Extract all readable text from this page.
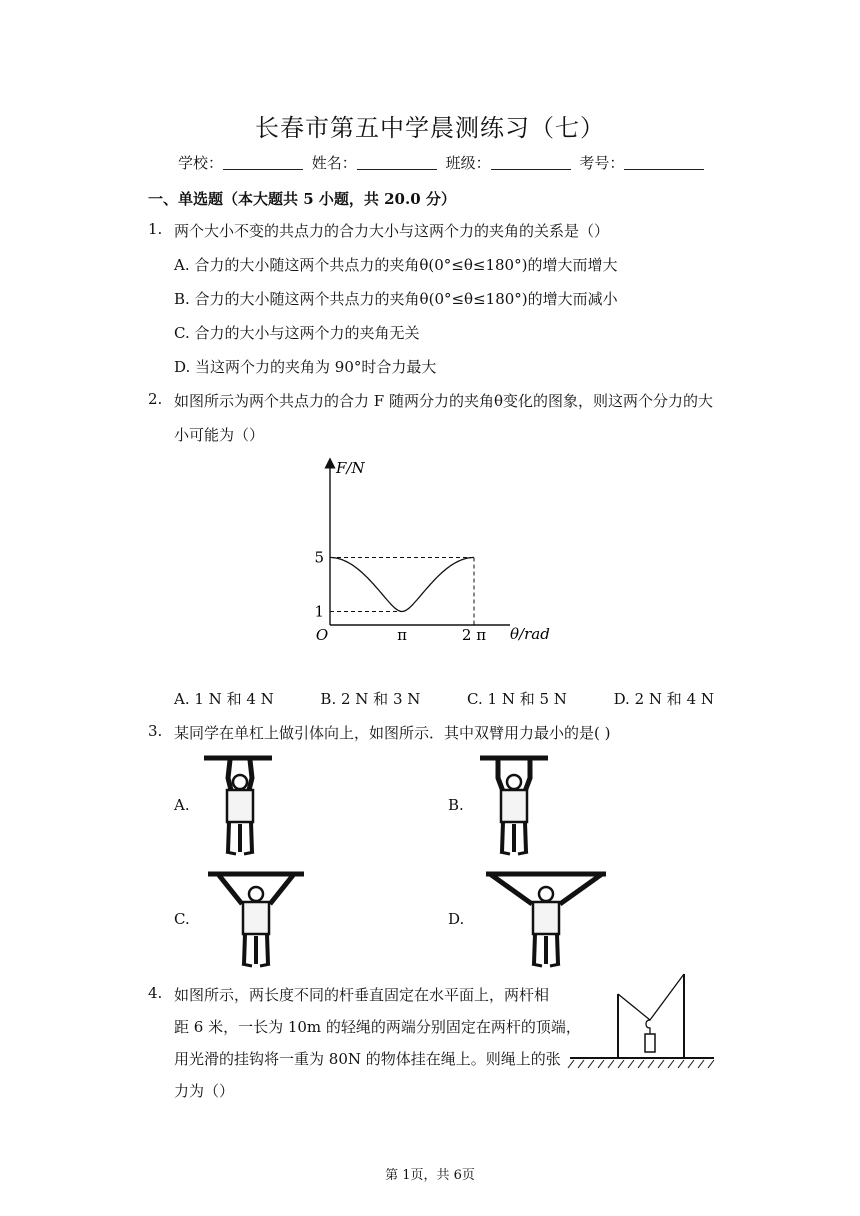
长春市第五中学晨测练习（七）
学校：	姓名：	班级：	考号：
一、单选题（本大题共 5 小题，共 20.0 分）
1. 两个大小不变的共点力的合力大小与这两个力的夹角的关系是（）
A. 合力的大小随这两个共点力的夹角θ(0°≤θ≤180°)的增大而增大
B. 合力的大小随这两个共点力的夹角θ(0°≤θ≤180°)的增大而减小
C. 合力的大小与这两个力的夹角无关
D. 当这两个力的夹角为 90°时合力最大
2. 如图所示为两个共点力的合力 F 随两分力的夹角θ变化的图象，则这两个分力的大
小可能为（）
F/N
O	π	2 π θ/rad
1
5
A. 1 N 和 4 N	B. 2 N 和 3 N	C. 1 N 和 5 N	D. 2 N 和 4 N
3. 某同学在单杠上做引体向上，如图所示．其中双臂用力最小的是( )
A.	B.
C.	D.
4. 如图所示，两长度不同的杆垂直固定在水平面上，两杆相
距 6 米，一长为 10m 的轻绳的两端分别固定在两杆的顶端，
用光滑的挂钩将一重为 80N 的物体挂在绳上。则绳上的张
力为（）
第 1页，共 6页
